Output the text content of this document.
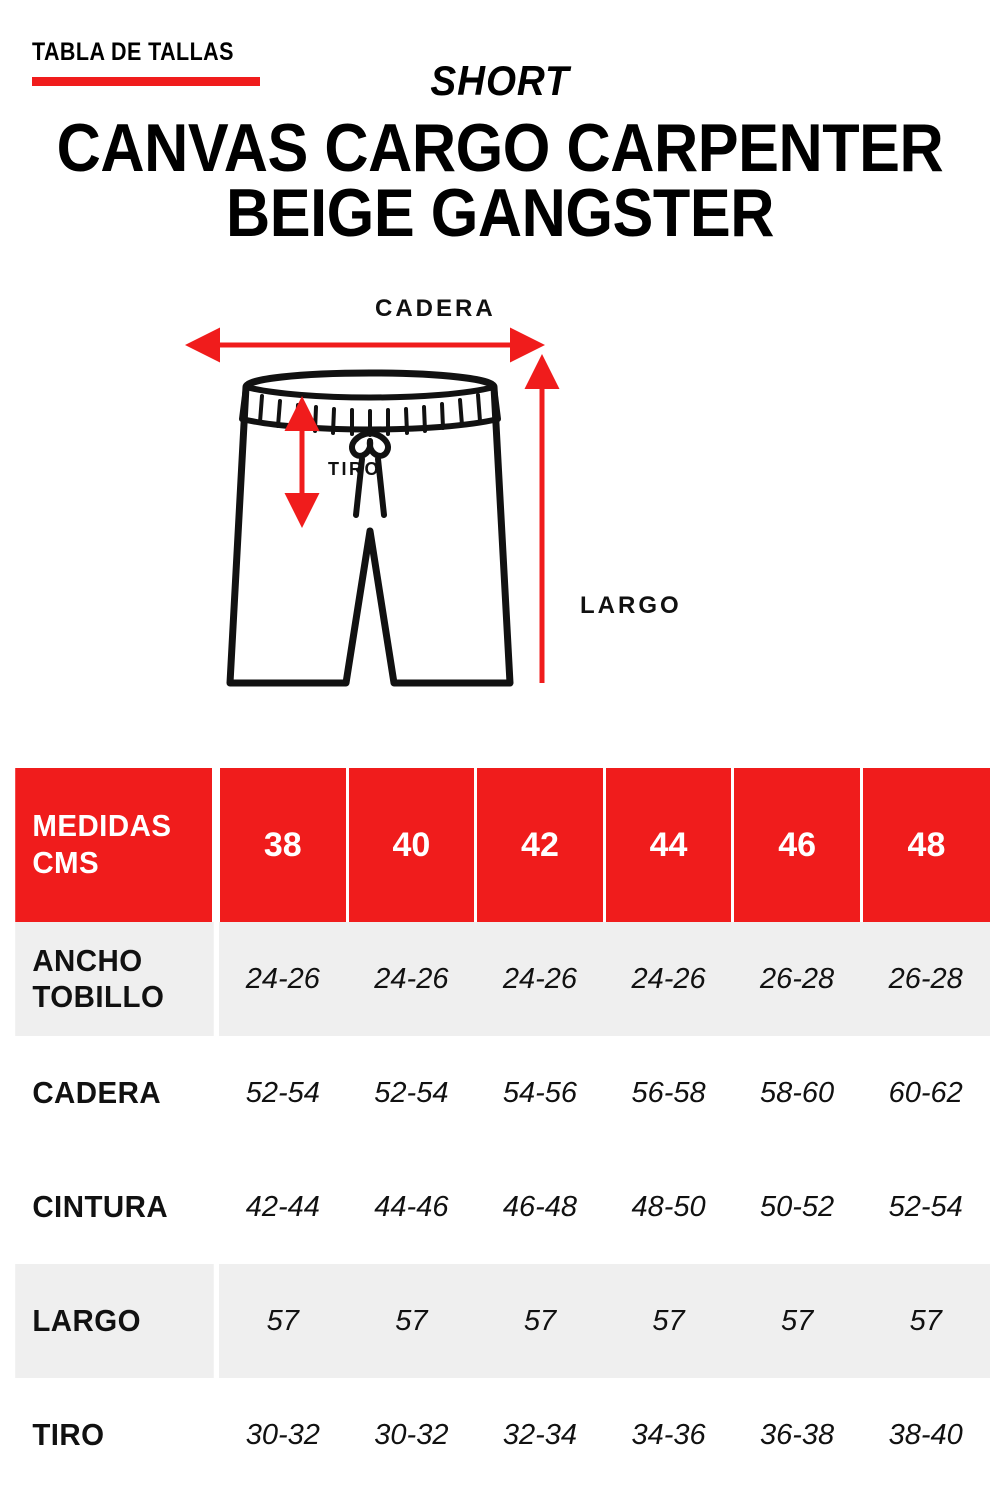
TABLA DE TALLAS
SHORT
CANVAS CARGO CARPENTER
BEIGE GANGSTER
CADERA
LARGO
TIRO
MEDIDAS
CMS	38	40	42	44	46	48
ANCHO
TOBILLO	24-26	24-26	24-26	24-26	26-28	26-28
CADERA	52-54	52-54	54-56	56-58	58-60	60-62
CINTURA	42-44	44-46	46-48	48-50	50-52	52-54
LARGO	57	57	57	57	57	57
TIRO	30-32	30-32	32-34	34-36	36-38	38-40
